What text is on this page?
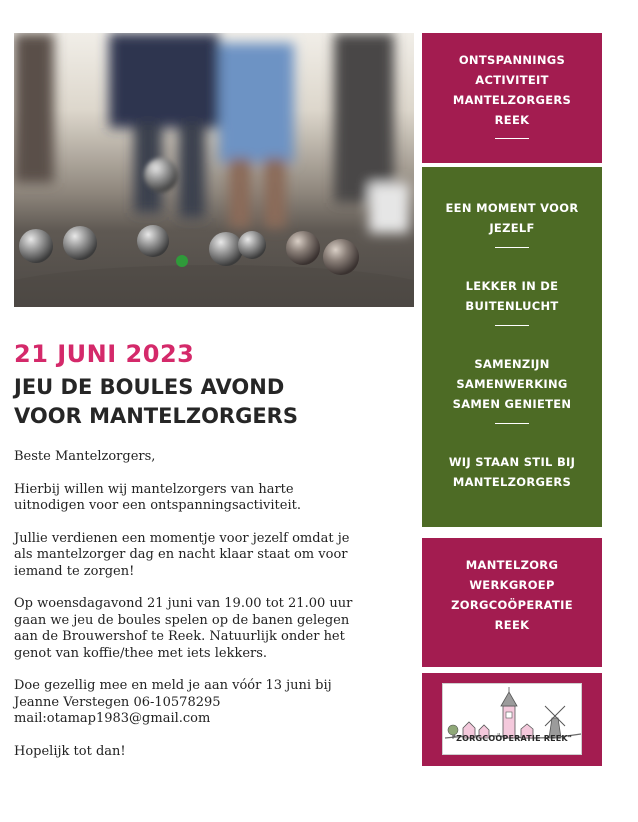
21 JUNI 2023
JEU DE BOULES AVOND
VOOR MANTELZORGERS

Beste Mantelzorgers,

Hierbij willen wij mantelzorgers van harte
uitnodigen voor een ontspanningsactiviteit.

Jullie verdienen een momentje voor jezelf omdat je
als mantelzorger dag en nacht klaar staat om voor
iemand te zorgen!

Op woensdagavond 21 juni van 19.00 tot 21.00 uur
gaan we jeu de boules spelen op de banen gelegen
aan de Brouwershof te Reek. Natuurlijk onder het
genot van koffie/thee met iets lekkers.

Doe gezellig mee en meld je aan vóór 13 juni bij
Jeanne Verstegen 06-10578295
mail:otamap1983@gmail.com

Hopelijk tot dan!

ONTSPANNINGS
ACTIVITEIT
MANTELZORGERS
REEK
EEN MOMENT VOOR
JEZELF
LEKKER IN DE
BUITENLUCHT
SAMENZIJN
SAMENWERKING
SAMEN GENIETEN
WIJ STAAN STIL BIJ
MANTELZORGERS
MANTELZORG
WERKGROEP
ZORGCOÖPERATIE
REEK
"ZORGCOÖPERATIE REEK"
